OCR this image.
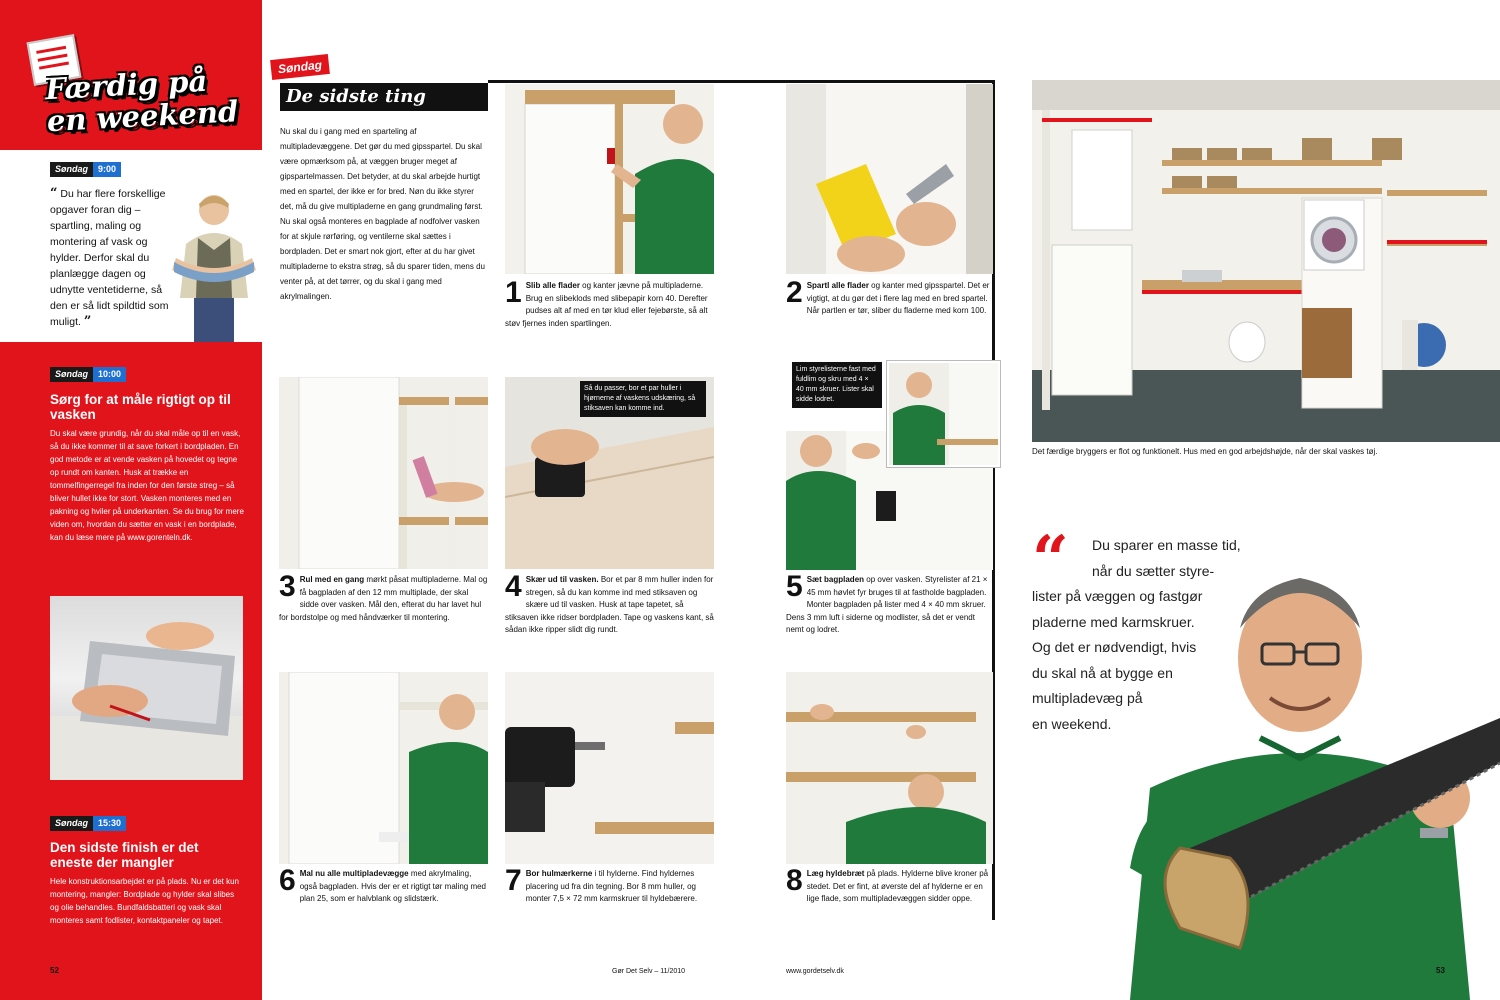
Færdig på en weekend
Søndag	9:00
“ Du har flere forskellige opgaver foran dig – spartling, maling og montering af vask og hylder. Derfor skal du planlægge dagen og udnytte ventetiderne, så den er så lidt spildtid som muligt. ”
Søndag	10:00
Sørg for at måle rigtigt op til vasken

Du skal være grundig, når du skal måle op til en vask, så du ikke kommer til at save forkert i bordpladen. En god metode er at vende vasken på hovedet og tegne op rundt om kanten. Husk at trække en tommelfingerregel fra inden for den første streg – så bliver hullet ikke for stort. Vasken monteres med en pakning og hviler på underkanten. Se du brug for mere viden om, hvordan du sætter en vask i en bordplade, kan du læse mere på www.gorenteln.dk.

Søndag	15:30
Den sidste finish er det eneste der mangler

Hele konstruktionsarbejdet er på plads. Nu er det kun montering, mangler: Bordplade og hylder skal slibes og olie behandles. Bundfaldsbatteri og vask skal monteres samt fodlister, kontaktpaneler og tapet.

52
Søndag
De sidste ting
Nu skal du i gang med en sparteling af multipladevæggene. Det gør du med gipsspartel. Du skal være opmærksom på, at væggen bruger meget af gipspartelmassen. Det betyder, at du skal arbejde hurtigt med en spartel, der ikke er for bred. Nøn du ikke styrer det, må du give multipladerne en gang grundmaling først. Nu skal også monteres en bagplade af nodfolver vasken for at skjule rørføring, og ventilerne skal sættes i bordpladen. Det er smart nok gjort, efter at du har givet multipladerne to ekstra strøg, så du sparer tiden, mens du venter på, at det tørrer, og du skal i gang med akrylmalingen.	1 Slib alle flader og kanter jævne på multipladerne. Brug en slibeklods med slibepapir korn 40. Derefter pudses alt af med en tør klud eller fejebørste, så alt støv fjernes inden spartlingen.
2 Spartl alle flader og kanter med gipsspartel. Det er vigtigt, at du gør det i flere lag med en bred spartel. Når partlen er tør, sliber du fladerne med korn 100.
3 Rul med en gang mørkt påsat multipladerne. Mal og få bagpladen af den 12 mm multiplade, der skal sidde over vasken. Mål den, efterat du har lavet hul for bordstolpe og med håndværker til montering.
Så du passer, bor et par huller i hjørnerne af vaskens udskæring, så stiksaven kan komme ind.
4 Skær ud til vasken. Bor et par 8 mm huller inden for stregen, så du kan komme ind med stiksaven og skære ud til vasken. Husk at tape tapetet, så stiksaven ikke ridser bordpladen. Tape og vaskens kant, så sådan ikke ripper slidt dig rundt.
Lim styrelisterne fast med fuldlim og skru med 4 × 40 mm skruer. Lister skal sidde lodret.
5 Sæt bagpladen op over vasken. Styrelister af 21 × 45 mm høvlet fyr bruges til at fastholde bagpladen. Monter bagpladen på lister med 4 × 40 mm skruer. Dens 3 mm luft i siderne og modlister, så det er vendt nemt og lodret.
6 Mal nu alle multipladevægge med akrylmaling, også bagpladen. Hvis der er et rigtigt tør maling med plan 25, som er halvblank og slidstærk.
7 Bor hulmærkerne i til hylderne. Find hyldernes placering ud fra din tegning. Bor 8 mm huller, og monter 7,5 × 72 mm karmskruer til hyldebærere.
8 Læg hyldebræt på plads. Hylderne blive kroner på stedet. Det er fint, at øverste del af hylderne er en lige flade, som multipladevæggen sidder oppe.
Gør Det Selv – 11/2010	www.gordetselv.dk
Det færdige bryggers er flot og funktionelt. Hus med en god arbejdshøjde, når der skal vaskes tøj.
“	Du sparer en masse tid,
når du sætter styre-
lister på væggen og fastgør
pladerne med karmskruer.
Og det er nødvendigt, hvis
du skal nå at bygge en
multipladevæg på
en weekend.
53
